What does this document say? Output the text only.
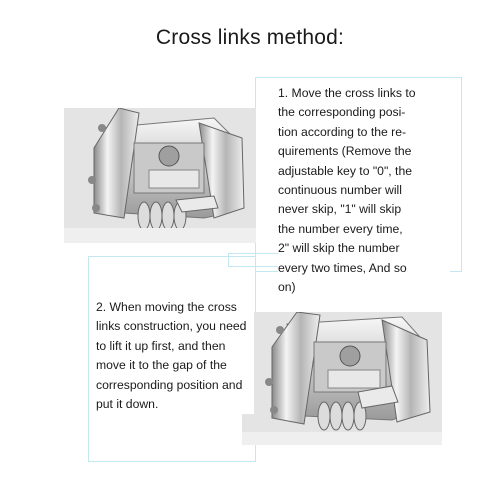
Cross links method:

1. Move the cross links to

the corresponding posi-

tion according to the re-

quirements (Remove the

adjustable key to "0", the

continuous number will

never skip, "1" will skip

the number every time,

2" will skip the number

every two times, And so

on)

2. When moving the cross

links construction, you need

to lift it up first, and then

move it to the gap of the

corresponding position and

put it down.
